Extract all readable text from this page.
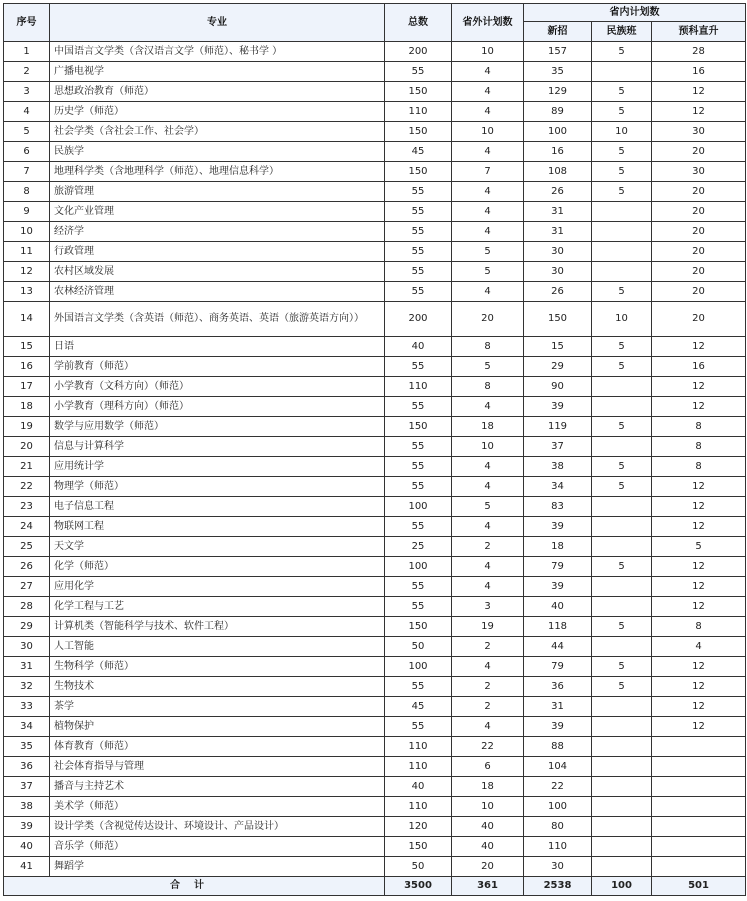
序号	专业	总数	省外计划数	省内计划数		
				新招	民族班	预科直升
1	中国语言文学类（含汉语言文学（师范）、秘书学 ）	200	10	157	5	28
2	广播电视学	55	4	35		16
3	思想政治教育（师范）	150	4	129	5	12
4	历史学（师范）	110	4	89	5	12
5	社会学类（含社会工作、社会学）	150	10	100	10	30
6	民族学	45	4	16	5	20
7	地理科学类（含地理科学（师范）、地理信息科学）	150	7	108	5	30
8	旅游管理	55	4	26	5	20
9	文化产业管理	55	4	31		20
10	经济学	55	4	31		20
11	行政管理	55	5	30		20
12	农村区域发展	55	5	30		20
13	农林经济管理	55	4	26	5	20
14	外国语言文学类（含英语（师范）、商务英语、英语（旅游英语方向））	200	20	150	10	20
15	日语	40	8	15	5	12
16	学前教育（师范）	55	5	29	5	16
17	小学教育（文科方向）（师范）	110	8	90		12
18	小学教育（理科方向）（师范）	55	4	39		12
19	数学与应用数学（师范）	150	18	119	5	8
20	信息与计算科学	55	10	37		8
21	应用统计学	55	4	38	5	8
22	物理学（师范）	55	4	34	5	12
23	电子信息工程	100	5	83		12
24	物联网工程	55	4	39		12
25	天文学	25	2	18		5
26	化学（师范）	100	4	79	5	12
27	应用化学	55	4	39		12
28	化学工程与工艺	55	3	40		12
29	计算机类（智能科学与技术、软件工程）	150	19	118	5	8
30	人工智能	50	2	44		4
31	生物科学（师范）	100	4	79	5	12
32	生物技术	55	2	36	5	12
33	茶学	45	2	31		12
34	植物保护	55	4	39		12
35	体育教育（师范）	110	22	88		
36	社会体育指导与管理	110	6	104		
37	播音与主持艺术	40	18	22		
38	美术学（师范）	110	10	100		
39	设计学类（含视觉传达设计、环境设计、产品设计）	120	40	80		
40	音乐学（师范）	150	40	110		
41	舞蹈学	50	20	30		
合计		3500	361	2538	100	501
